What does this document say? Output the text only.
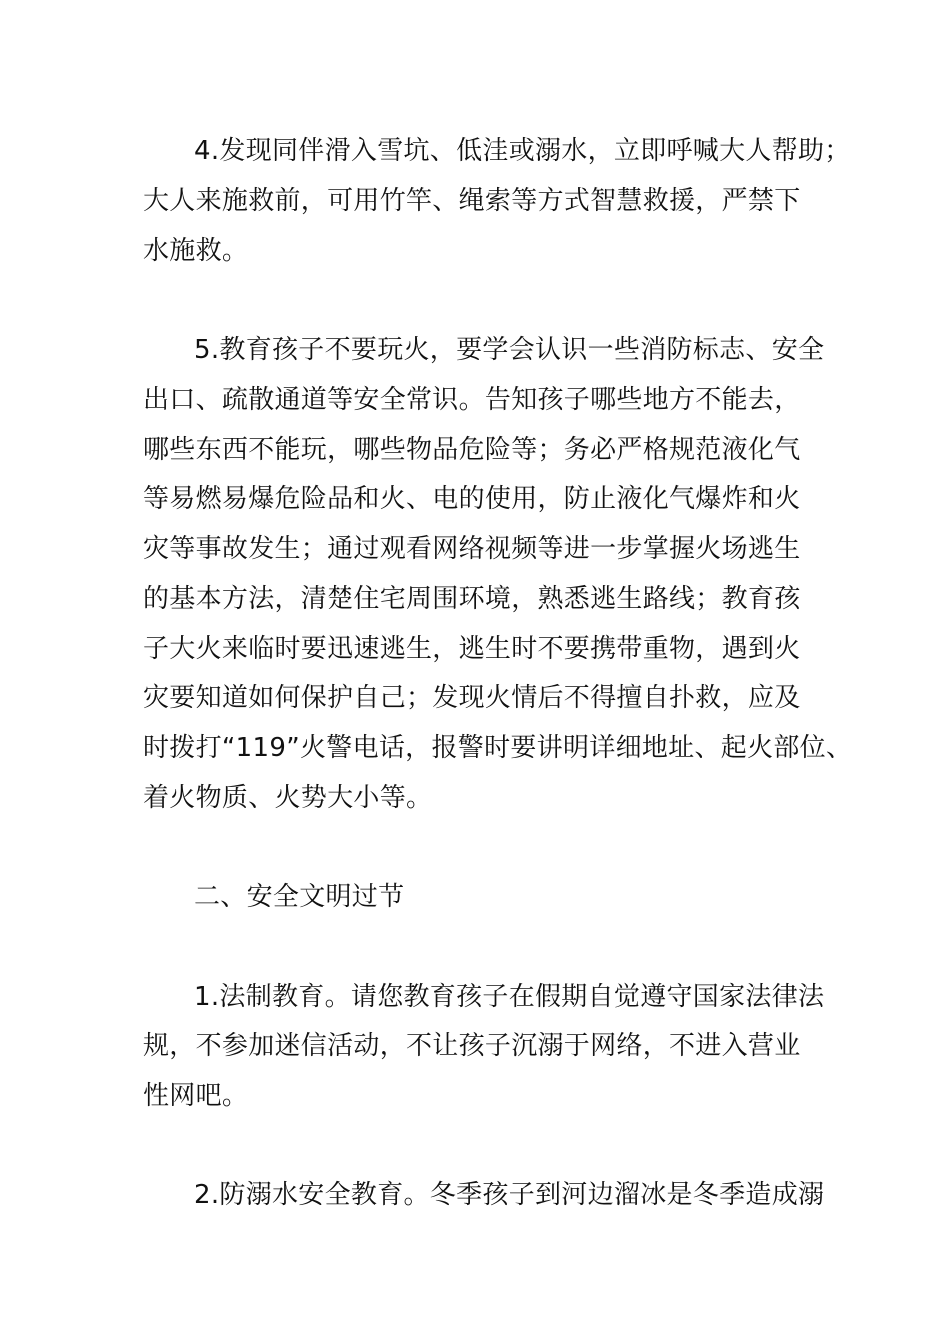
4.发现同伴滑入雪坑、低洼或溺水，立即呼喊大人帮助；
大人来施救前，可用竹竿、绳索等方式智慧救援，严禁下
水施救。
5.教育孩子不要玩火，要学会认识一些消防标志、安全
出口、疏散通道等安全常识。告知孩子哪些地方不能去，
哪些东西不能玩，哪些物品危险等；务必严格规范液化气
等易燃易爆危险品和火、电的使用，防止液化气爆炸和火
灾等事故发生；通过观看网络视频等进一步掌握火场逃生
的基本方法，清楚住宅周围环境，熟悉逃生路线；教育孩
子大火来临时要迅速逃生，逃生时不要携带重物，遇到火
灾要知道如何保护自己；发现火情后不得擅自扑救，应及
时拨打“119”火警电话，报警时要讲明详细地址、起火部位、
着火物质、火势大小等。
二、安全文明过节
1.法制教育。请您教育孩子在假期自觉遵守国家法律法
规，不参加迷信活动，不让孩子沉溺于网络，不进入营业
性网吧。
2.防溺水安全教育。冬季孩子到河边溜冰是冬季造成溺
